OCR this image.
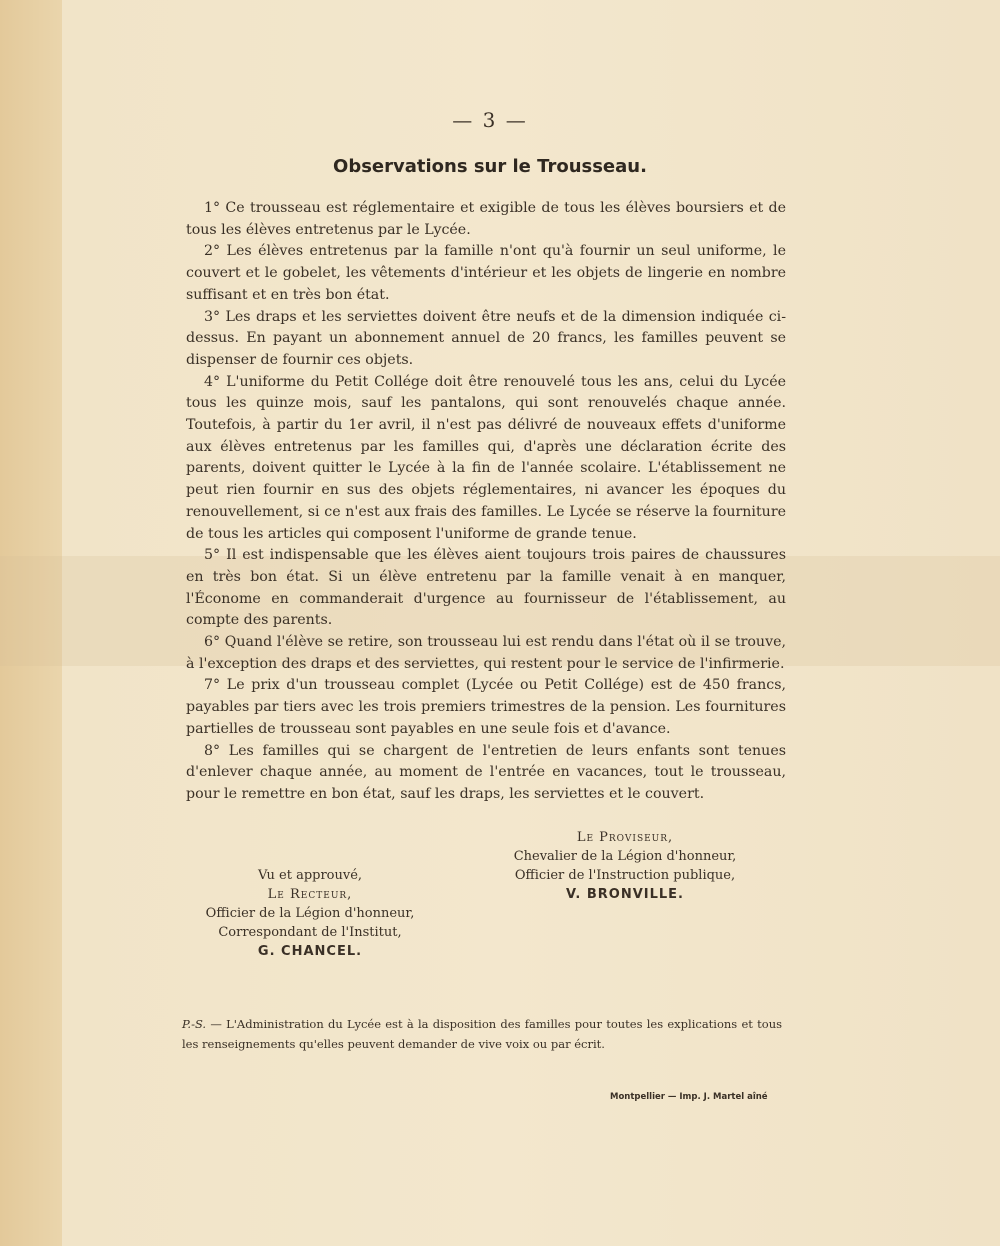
— 3 —
Observations sur le Trousseau.

1° Ce trousseau est réglementaire et exigible de tous les élèves boursiers et de tous les élèves entretenus par le Lycée.

2° Les élèves entretenus par la famille n'ont qu'à fournir un seul uniforme, le couvert et le gobelet, les vêtements d'intérieur et les objets de lingerie en nombre suffisant et en très bon état.

3° Les draps et les serviettes doivent être neufs et de la dimension indiquée ci-dessus. En payant un abonnement annuel de 20 francs, les familles peuvent se dispenser de fournir ces objets.

4° L'uniforme du Petit Collége doit être renouvelé tous les ans, celui du Lycée tous les quinze mois, sauf les pantalons, qui sont renouvelés chaque année. Toutefois, à partir du 1er avril, il n'est pas délivré de nouveaux effets d'uniforme aux élèves entretenus par les familles qui, d'après une déclaration écrite des parents, doivent quitter le Lycée à la fin de l'année scolaire. L'établissement ne peut rien fournir en sus des objets réglementaires, ni avancer les époques du renouvellement, si ce n'est aux frais des familles. Le Lycée se réserve la fourniture de tous les articles qui composent l'uniforme de grande tenue.

5° Il est indispensable que les élèves aient toujours trois paires de chaussures en très bon état. Si un élève entretenu par la famille venait à en manquer, l'Économe en commanderait d'urgence au fournisseur de l'établissement, au compte des parents.

6° Quand l'élève se retire, son trousseau lui est rendu dans l'état où il se trouve, à l'exception des draps et des serviettes, qui restent pour le service de l'infirmerie.

7° Le prix d'un trousseau complet (Lycée ou Petit Collége) est de 450 francs, payables par tiers avec les trois premiers trimestres de la pension. Les fournitures partielles de trousseau sont payables en une seule fois et d'avance.

8° Les familles qui se chargent de l'entretien de leurs enfants sont tenues d'enlever chaque année, au moment de l'entrée en vacances, tout le trousseau, pour le remettre en bon état, sauf les draps, les serviettes et le couvert.

Le Proviseur,
Chevalier de la Légion d'honneur,
Officier de l'Instruction publique,
V. BRONVILLE.
Vu et approuvé,
Le Recteur,
Officier de la Légion d'honneur,
Correspondant de l'Institut,
G. CHANCEL.
P.-S. — L'Administration du Lycée est à la disposition des familles pour toutes les explications et tous les renseignements qu'elles peuvent demander de vive voix ou par écrit.
Montpellier — Imp. J. Martel aîné
